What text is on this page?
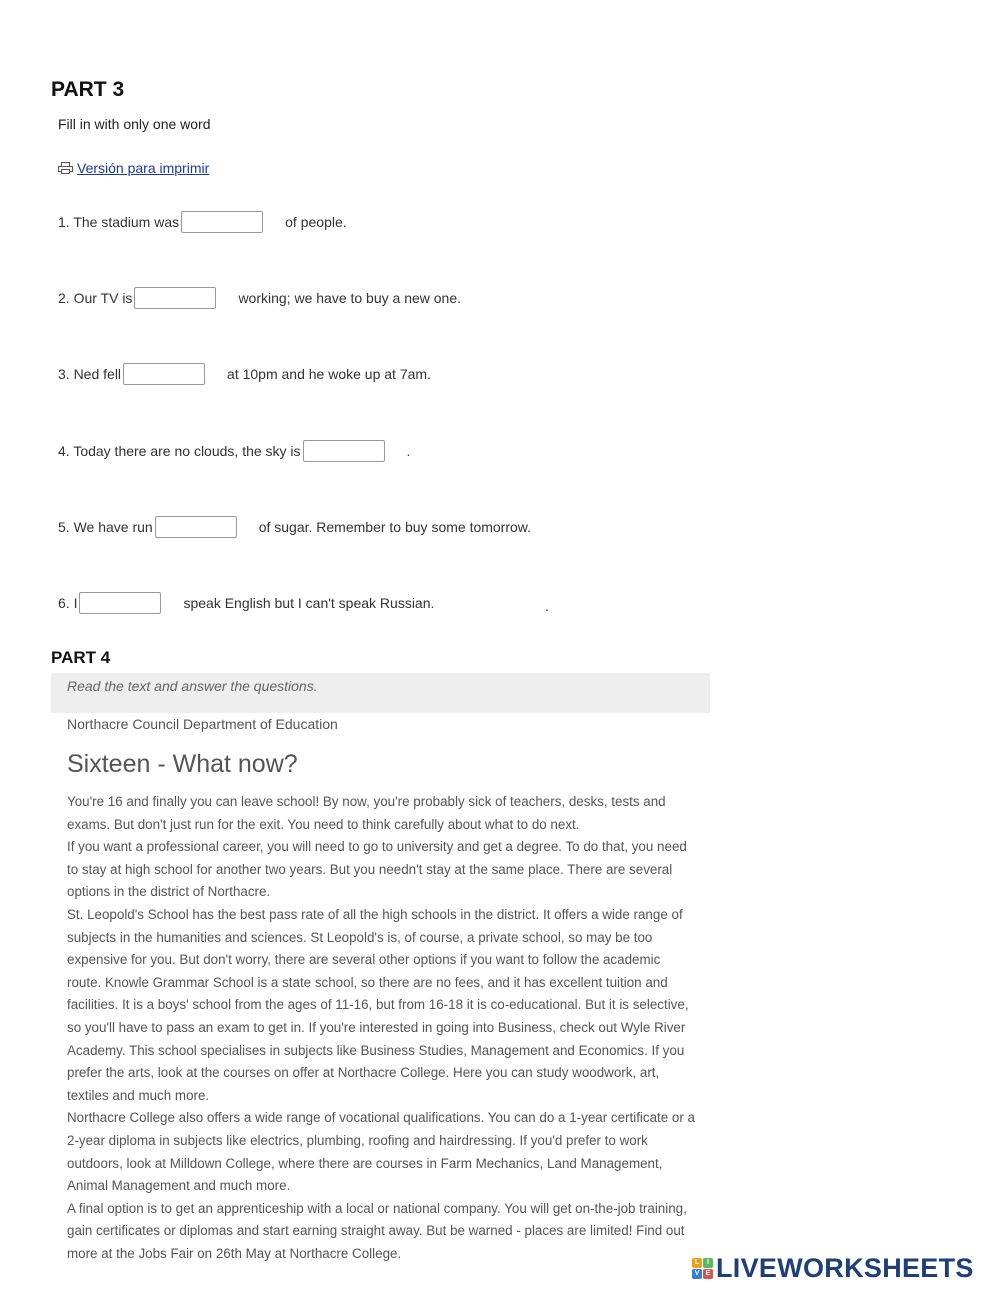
PART 3
Fill in with only one word
Versión para imprimir
1. The stadium was	of people.
2. Our TV is	working; we have to buy a new one.
3. Ned fell	at 10pm and he woke up at 7am.
4. Today there are no clouds, the sky is	.
5. We have run	of sugar. Remember to buy some tomorrow.
6. I	speak English but I can't speak Russian.	.
PART 4
Read the text and answer the questions.
Northacre Council Department of Education
Sixteen - What now?

You're 16 and finally you can leave school! By now, you're probably sick of teachers, desks, tests and exams. But don't just run for the exit. You need to think carefully about what to do next.

If you want a professional career, you will need to go to university and get a degree. To do that, you need to stay at high school for another two years. But you needn't stay at the same place. There are several options in the district of Northacre.

St. Leopold's School has the best pass rate of all the high schools in the district. It offers a wide range of subjects in the humanities and sciences. St Leopold's is, of course, a private school, so may be too expensive for you. But don't worry, there are several other options if you want to follow the academic route. Knowle Grammar School is a state school, so there are no fees, and it has excellent tuition and facilities. It is a boys' school from the ages of 11-16, but from 16-18 it is co-educational. But it is selective, so you'll have to pass an exam to get in. If you're interested in going into Business, check out Wyle River Academy. This school specialises in subjects like Business Studies, Management and Economics. If you prefer the arts, look at the courses on offer at Northacre College. Here you can study woodwork, art, textiles and much more.

Northacre College also offers a wide range of vocational qualifications. You can do a 1-year certificate or a 2-year diploma in subjects like electrics, plumbing, roofing and hairdressing. If you'd prefer to work outdoors, look at Milldown College, where there are courses in Farm Mechanics, Land Management, Animal Management and much more.

A final option is to get an apprenticeship with a local or national company. You will get on-the-job training, gain certificates or diplomas and start earning straight away. But be warned - places are limited! Find out more at the Jobs Fair on 26th May at Northacre College.

L	I
V E LIVEWORKSHEETS
